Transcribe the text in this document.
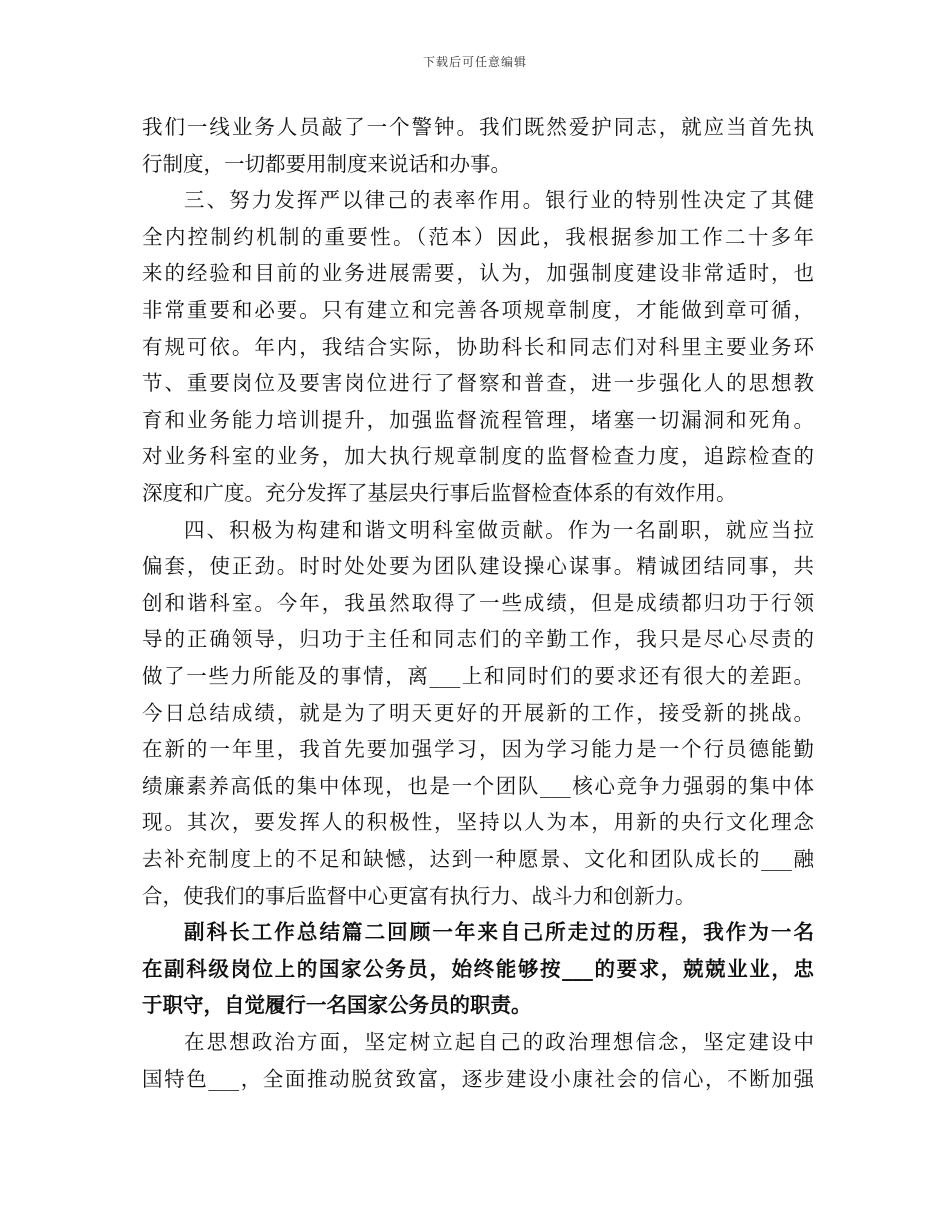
下载后可任意编辑
我们一线业务人员敲了一个警钟。我们既然爱护同志，就应当首先执
行制度，一切都要用制度来说话和办事。
三、努力发挥严以律己的表率作用。银行业的特别性决定了其健
全内控制约机制的重要性。（范本）因此，我根据参加工作二十多年
来的经验和目前的业务进展需要，认为，加强制度建设非常适时，也
非常重要和必要。只有建立和完善各项规章制度，才能做到章可循，
有规可依。年内，我结合实际，协助科长和同志们对科里主要业务环
节、重要岗位及要害岗位进行了督察和普查，进一步强化人的思想教
育和业务能力培训提升，加强监督流程管理，堵塞一切漏洞和死角。
对业务科室的业务，加大执行规章制度的监督检查力度，追踪检查的
深度和广度。充分发挥了基层央行事后监督检查体系的有效作用。
四、积极为构建和谐文明科室做贡献。作为一名副职，就应当拉
偏套，使正劲。时时处处要为团队建设操心谋事。精诚团结同事，共
创和谐科室。今年，我虽然取得了一些成绩，但是成绩都归功于行领
导的正确领导，归功于主任和同志们的辛勤工作，我只是尽心尽责的
做了一些力所能及的事情，离___上和同时们的要求还有很大的差距。
今日总结成绩，就是为了明天更好的开展新的工作，接受新的挑战。
在新的一年里，我首先要加强学习，因为学习能力是一个行员德能勤
绩廉素养高低的集中体现，也是一个团队___核心竞争力强弱的集中体
现。其次，要发挥人的积极性，坚持以人为本，用新的央行文化理念
去补充制度上的不足和缺憾，达到一种愿景、文化和团队成长的___融
合，使我们的事后监督中心更富有执行力、战斗力和创新力。
副科长工作总结篇二回顾一年来自己所走过的历程，我作为一名
在副科级岗位上的国家公务员，始终能够按___的要求，兢兢业业，忠
于职守，自觉履行一名国家公务员的职责。
在思想政治方面，坚定树立起自己的政治理想信念，坚定建设中
国特色___，全面推动脱贫致富，逐步建设小康社会的信心，不断加强
